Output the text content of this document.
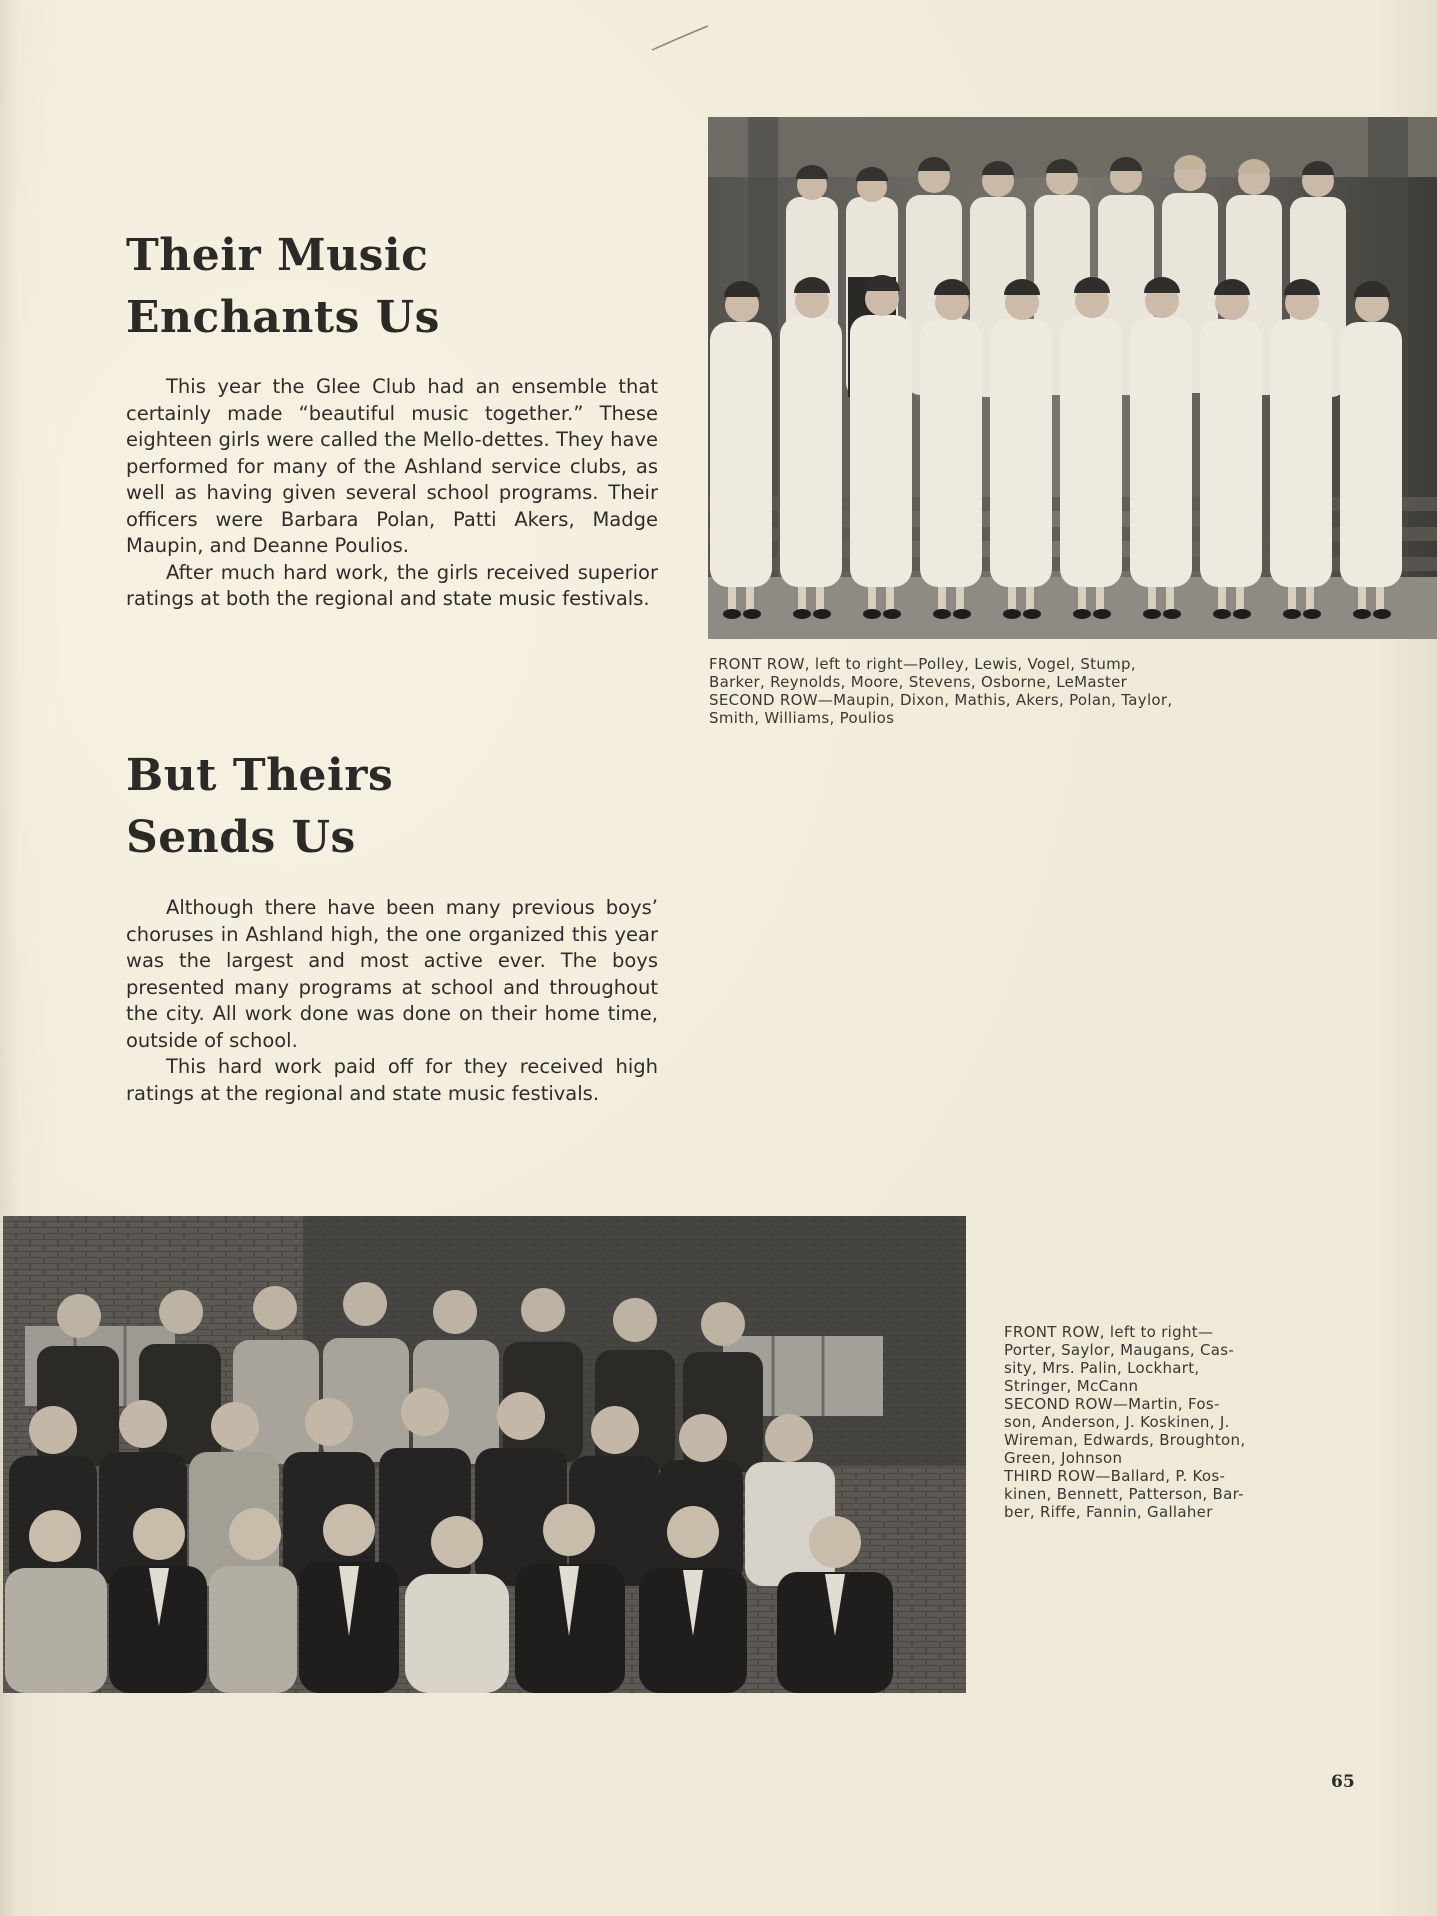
Their Music
Enchants Us

This year the Glee Club had an ensemble that certainly made “beautiful music together.” These eighteen girls were called the Mello-dettes. They have performed for many of the Ashland service clubs, as well as having given several school programs. Their officers were Barbara Polan, Patti Akers, Madge Maupin, and Deanne Poulios.

After much hard work, the girls received superior ratings at both the regional and state music festivals.

FRONT ROW, left to right—Polley, Lewis, Vogel, Stump,
Barker, Reynolds, Moore, Stevens, Osborne, LeMaster
SECOND ROW—Maupin, Dixon, Mathis, Akers, Polan, Taylor,
Smith, Williams, Poulios
But Theirs
Sends Us

Although there have been many previous boys’ choruses in Ashland high, the one organized this year was the largest and most active ever. The boys presented many programs at school and throughout the city. All work done was done on their home time, outside of school.

This hard work paid off for they received high ratings at the regional and state music festivals.

FRONT ROW, left to right—
Porter, Saylor, Maugans, Cas-
sity, Mrs. Palin, Lockhart,
Stringer, McCann
SECOND ROW—Martin, Fos-
son, Anderson, J. Koskinen, J.
Wireman, Edwards, Broughton,
Green, Johnson
THIRD ROW—Ballard, P. Kos-
kinen, Bennett, Patterson, Bar-
ber, Riffe, Fannin, Gallaher
65
